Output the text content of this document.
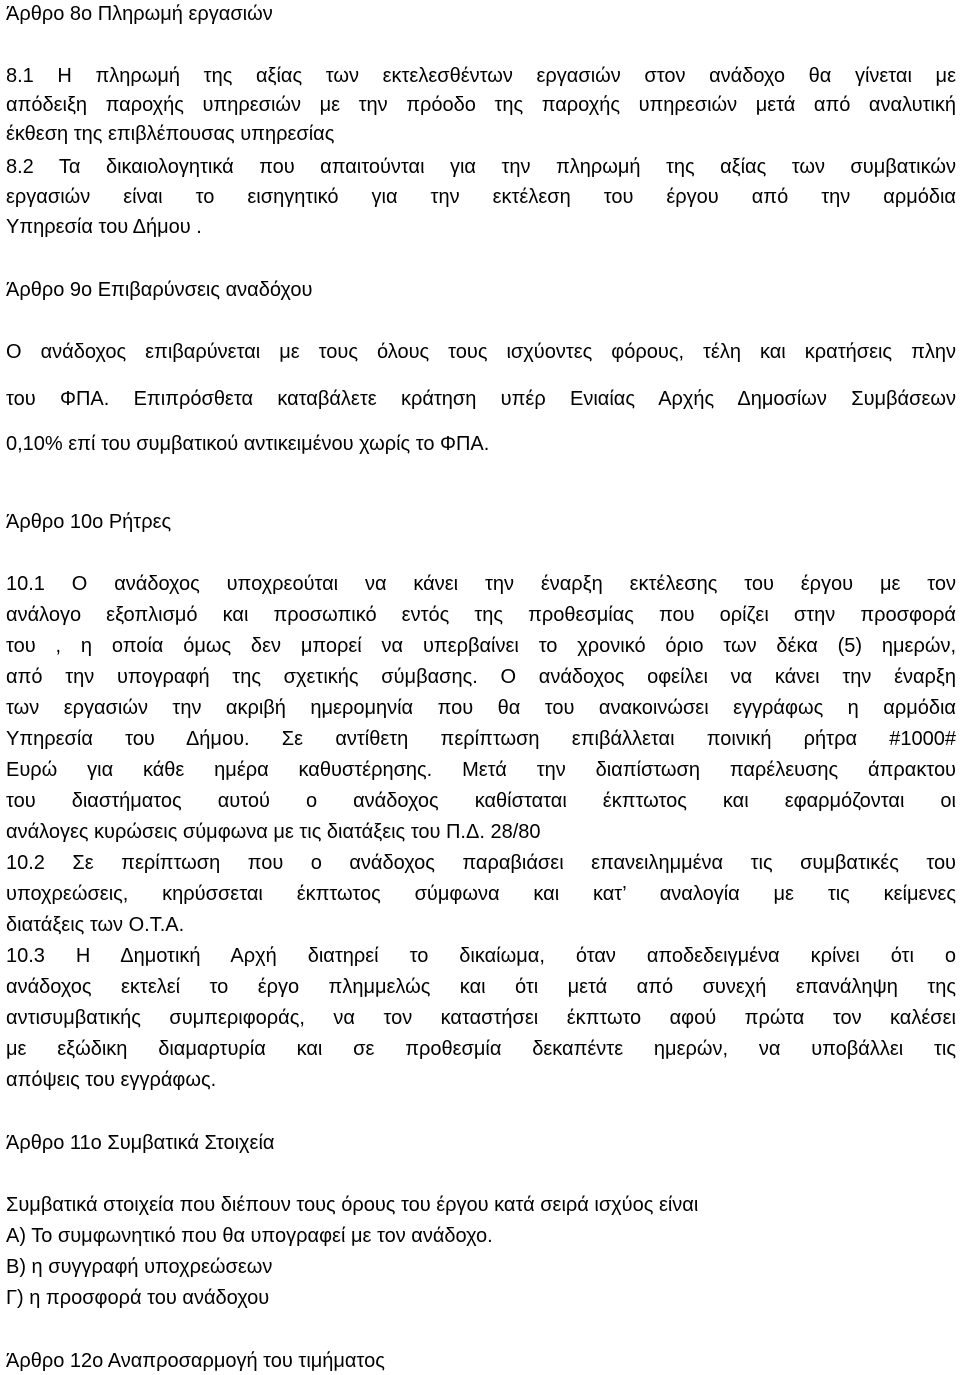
Άρθρο 8ο Πληρωμή εργασιών
8.1 Η πληρωμή της αξίας των εκτελεσθέντων εργασιών στον ανάδοχο θα γίνεται με
απόδειξη παροχής υπηρεσιών με την πρόοδο της παροχής υπηρεσιών μετά από αναλυτική
έκθεση της επιβλέπουσας υπηρεσίας
8.2 Τα δικαιολογητικά που απαιτούνται για την πληρωμή της αξίας των συμβατικών
εργασιών είναι το εισηγητικό για την εκτέλεση του έργου από την αρμόδια
Υπηρεσία του Δήμου .
Άρθρο 9ο Επιβαρύνσεις αναδόχου
Ο ανάδοχος επιβαρύνεται με τους όλους τους ισχύοντες φόρους, τέλη και κρατήσεις πλην
του ΦΠΑ. Επιπρόσθετα καταβάλετε κράτηση υπέρ Ενιαίας Αρχής Δημοσίων Συμβάσεων
0,10% επί του συμβατικού αντικειμένου χωρίς το ΦΠΑ.
Άρθρο 10ο Ρήτρες
10.1 Ο ανάδοχος υποχρεούται να κάνει την έναρξη εκτέλεσης του έργου με τον
ανάλογο εξοπλισμό και προσωπικό εντός της προθεσμίας που ορίζει στην προσφορά
του , η οποία όμως δεν μπορεί να υπερβαίνει το χρονικό όριο των δέκα (5) ημερών,
από την υπογραφή της σχετικής σύμβασης. Ο ανάδοχος οφείλει να κάνει την έναρξη
των εργασιών την ακριβή ημερομηνία που θα του ανακοινώσει εγγράφως η αρμόδια
Υπηρεσία του Δήμου. Σε αντίθετη περίπτωση επιβάλλεται ποινική ρήτρα #1000#
Ευρώ για κάθε ημέρα καθυστέρησης. Μετά την διαπίστωση παρέλευσης άπρακτου
του διαστήματος αυτού ο ανάδοχος καθίσταται έκπτωτος και εφαρμόζονται οι
ανάλογες κυρώσεις σύμφωνα με τις διατάξεις του Π.Δ. 28/80
10.2 Σε περίπτωση που ο ανάδοχος παραβιάσει επανειλημμένα τις συμβατικές του
υποχρεώσεις, κηρύσσεται έκπτωτος σύμφωνα και κατ’ αναλογία με τις κείμενες
διατάξεις των Ο.Τ.Α.
10.3 Η Δημοτική Αρχή διατηρεί το δικαίωμα, όταν αποδεδειγμένα κρίνει ότι ο
ανάδοχος εκτελεί το έργο πλημμελώς και ότι μετά από συνεχή επανάληψη της
αντισυμβατικής συμπεριφοράς, να τον καταστήσει έκπτωτο αφού πρώτα τον καλέσει
με εξώδικη διαμαρτυρία και σε προθεσμία δεκαπέντε ημερών, να υποβάλλει τις
απόψεις του εγγράφως.
Άρθρο 11ο Συμβατικά Στοιχεία
Συμβατικά στοιχεία που διέπουν τους όρους του έργου κατά σειρά ισχύος είναι
Α) Το συμφωνητικό που θα υπογραφεί με τον ανάδοχο.
Β) η συγγραφή υποχρεώσεων
Γ) η προσφορά του ανάδοχου
Άρθρο 12ο Αναπροσαρμογή του τιμήματος
